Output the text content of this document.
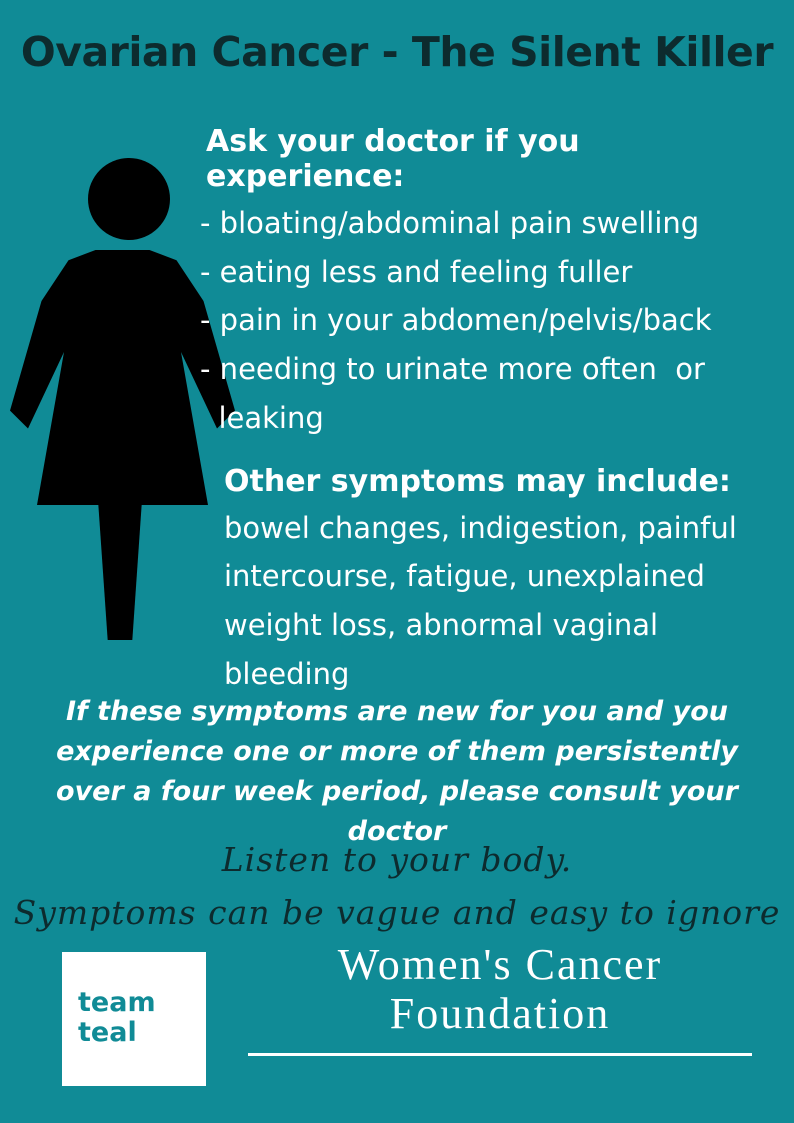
Ovarian Cancer - The Silent Killer
Ask your doctor if you experience:
- bloating/abdominal pain swelling
- eating less and feeling fuller
- pain in your abdomen/pelvis/back
- needing to urinate more often  or
leaking
Other symptoms may include:
bowel changes, indigestion, painful intercourse, fatigue, unexplained weight loss, abnormal vaginal bleeding
If these symptoms are new for you and you experience one or more of them persistently over a four week period, please consult your doctor
Listen to your body.
Symptoms can be vague and easy to ignore
team
teal
Women's Cancer
Foundation
